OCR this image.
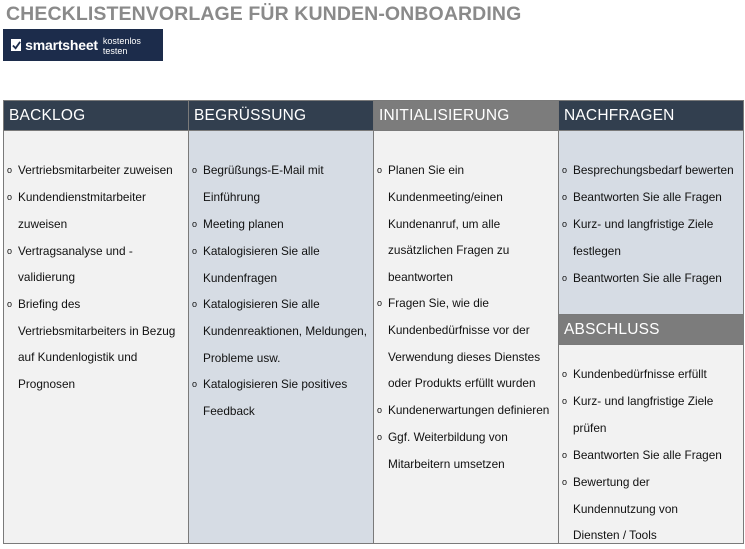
CHECKLISTENVORLAGE FÜR KUNDEN-ONBOARDING
smartsheet kostenlos testen
BACKLOG
o Vertriebsmitarbeiter zuweisen
o Kundendienstmitarbeiter
zuweisen
o Vertragsanalyse und -validierung
o Briefing des
Vertriebsmitarbeiters in Bezug
auf Kundenlogistik und
Prognosen
BEGRÜSSUNG
o Begrüßungs-E-Mail mit
Einführung
o Meeting planen
o Katalogisieren Sie alle
Kundenfragen
o Katalogisieren Sie alle
Kundenreaktionen, Meldungen,
Probleme usw.
o Katalogisieren Sie positives
Feedback
INITIALISIERUNG
o Planen Sie ein
Kundenmeeting/einen
Kundenanruf, um alle
zusätzlichen Fragen zu
beantworten
o Fragen Sie, wie die
Kundenbedürfnisse vor der
Verwendung dieses Dienstes
oder Produkts erfüllt wurden
o Kundenerwartungen definieren
o Ggf. Weiterbildung von
Mitarbeitern umsetzen
NACHFRAGEN
o Besprechungsbedarf bewerten
o Beantworten Sie alle Fragen
o Kurz- und langfristige Ziele
festlegen
o Beantworten Sie alle Fragen
ABSCHLUSS
o Kundenbedürfnisse erfüllt
o Kurz- und langfristige Ziele
prüfen
o Beantworten Sie alle Fragen
o Bewertung der
Kundennutzung von
Diensten / Tools
